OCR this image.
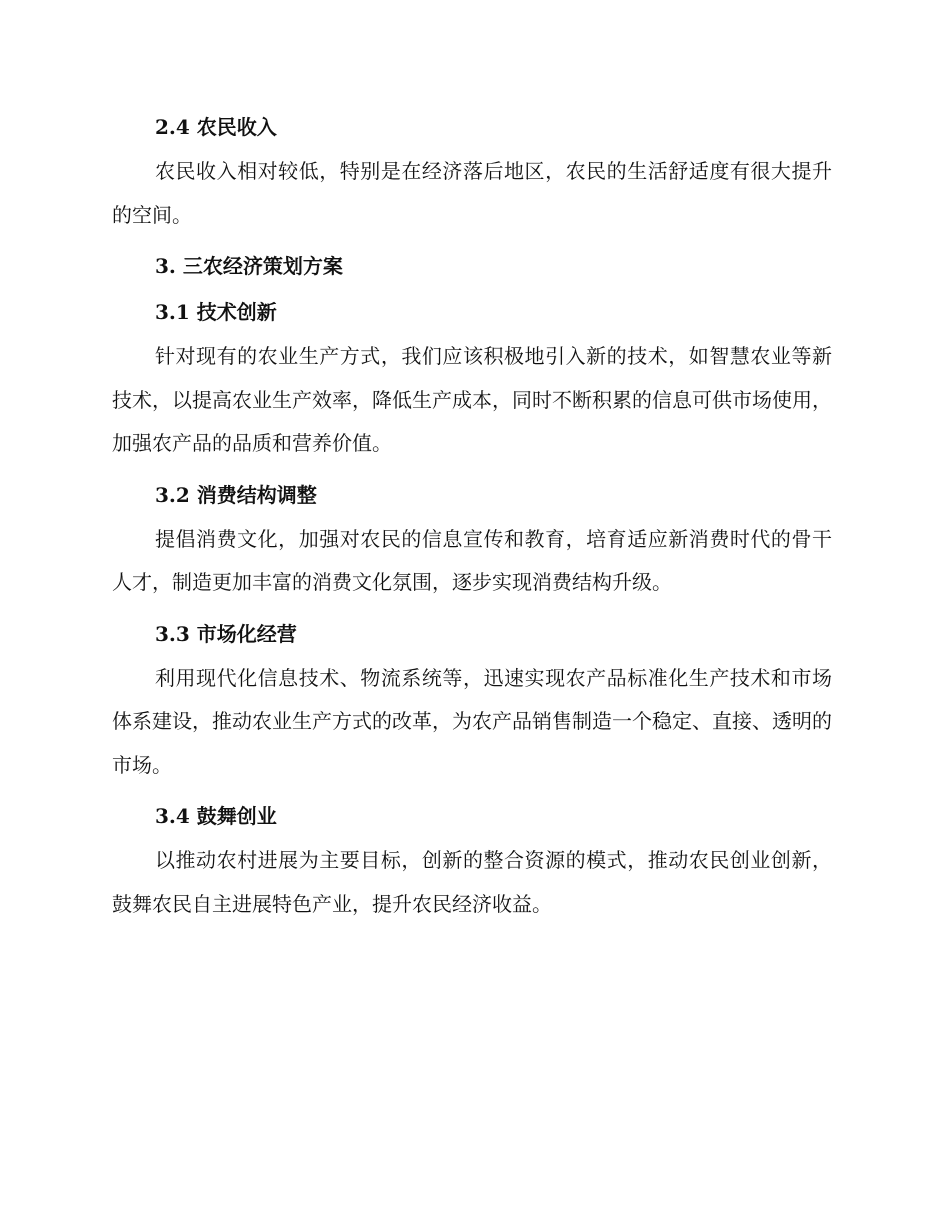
2.4 农民收入

农民收入相对较低，特别是在经济落后地区，农民的生活舒适度有很大提升的空间。

3. 三农经济策划方案
3.1 技术创新

针对现有的农业生产方式，我们应该积极地引入新的技术，如智慧农业等新技术，以提高农业生产效率，降低生产成本，同时不断积累的信息可供市场使用，加强农产品的品质和营养价值。

3.2 消费结构调整

提倡消费文化，加强对农民的信息宣传和教育，培育适应新消费时代的骨干人才，制造更加丰富的消费文化氛围，逐步实现消费结构升级。

3.3 市场化经营

利用现代化信息技术、物流系统等，迅速实现农产品标准化生产技术和市场体系建设，推动农业生产方式的改革，为农产品销售制造一个稳定、直接、透明的市场。

3.4 鼓舞创业

以推动农村进展为主要目标，创新的整合资源的模式，推动农民创业创新，鼓舞农民自主进展特色产业，提升农民经济收益。
